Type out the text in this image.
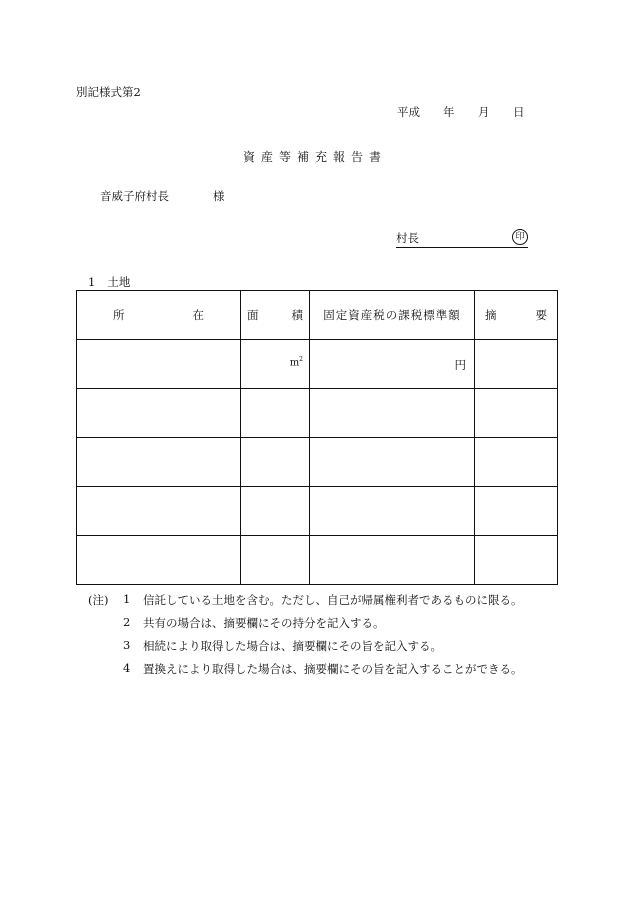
別記様式第2
平成 年 月 日
資産等補充報告書
音威子府村長	様
村長	印
1 土地
所 在	面 積	固定資産税の課税標準額	摘 要

	$m^2$	円	

(注) 1 信託している土地を含む。ただし、自己が帰属権利者であるものに限る。
2 共有の場合は、摘要欄にその持分を記入する。
3 相続により取得した場合は、摘要欄にその旨を記入する。
4 置換えにより取得した場合は、摘要欄にその旨を記入することができる。
